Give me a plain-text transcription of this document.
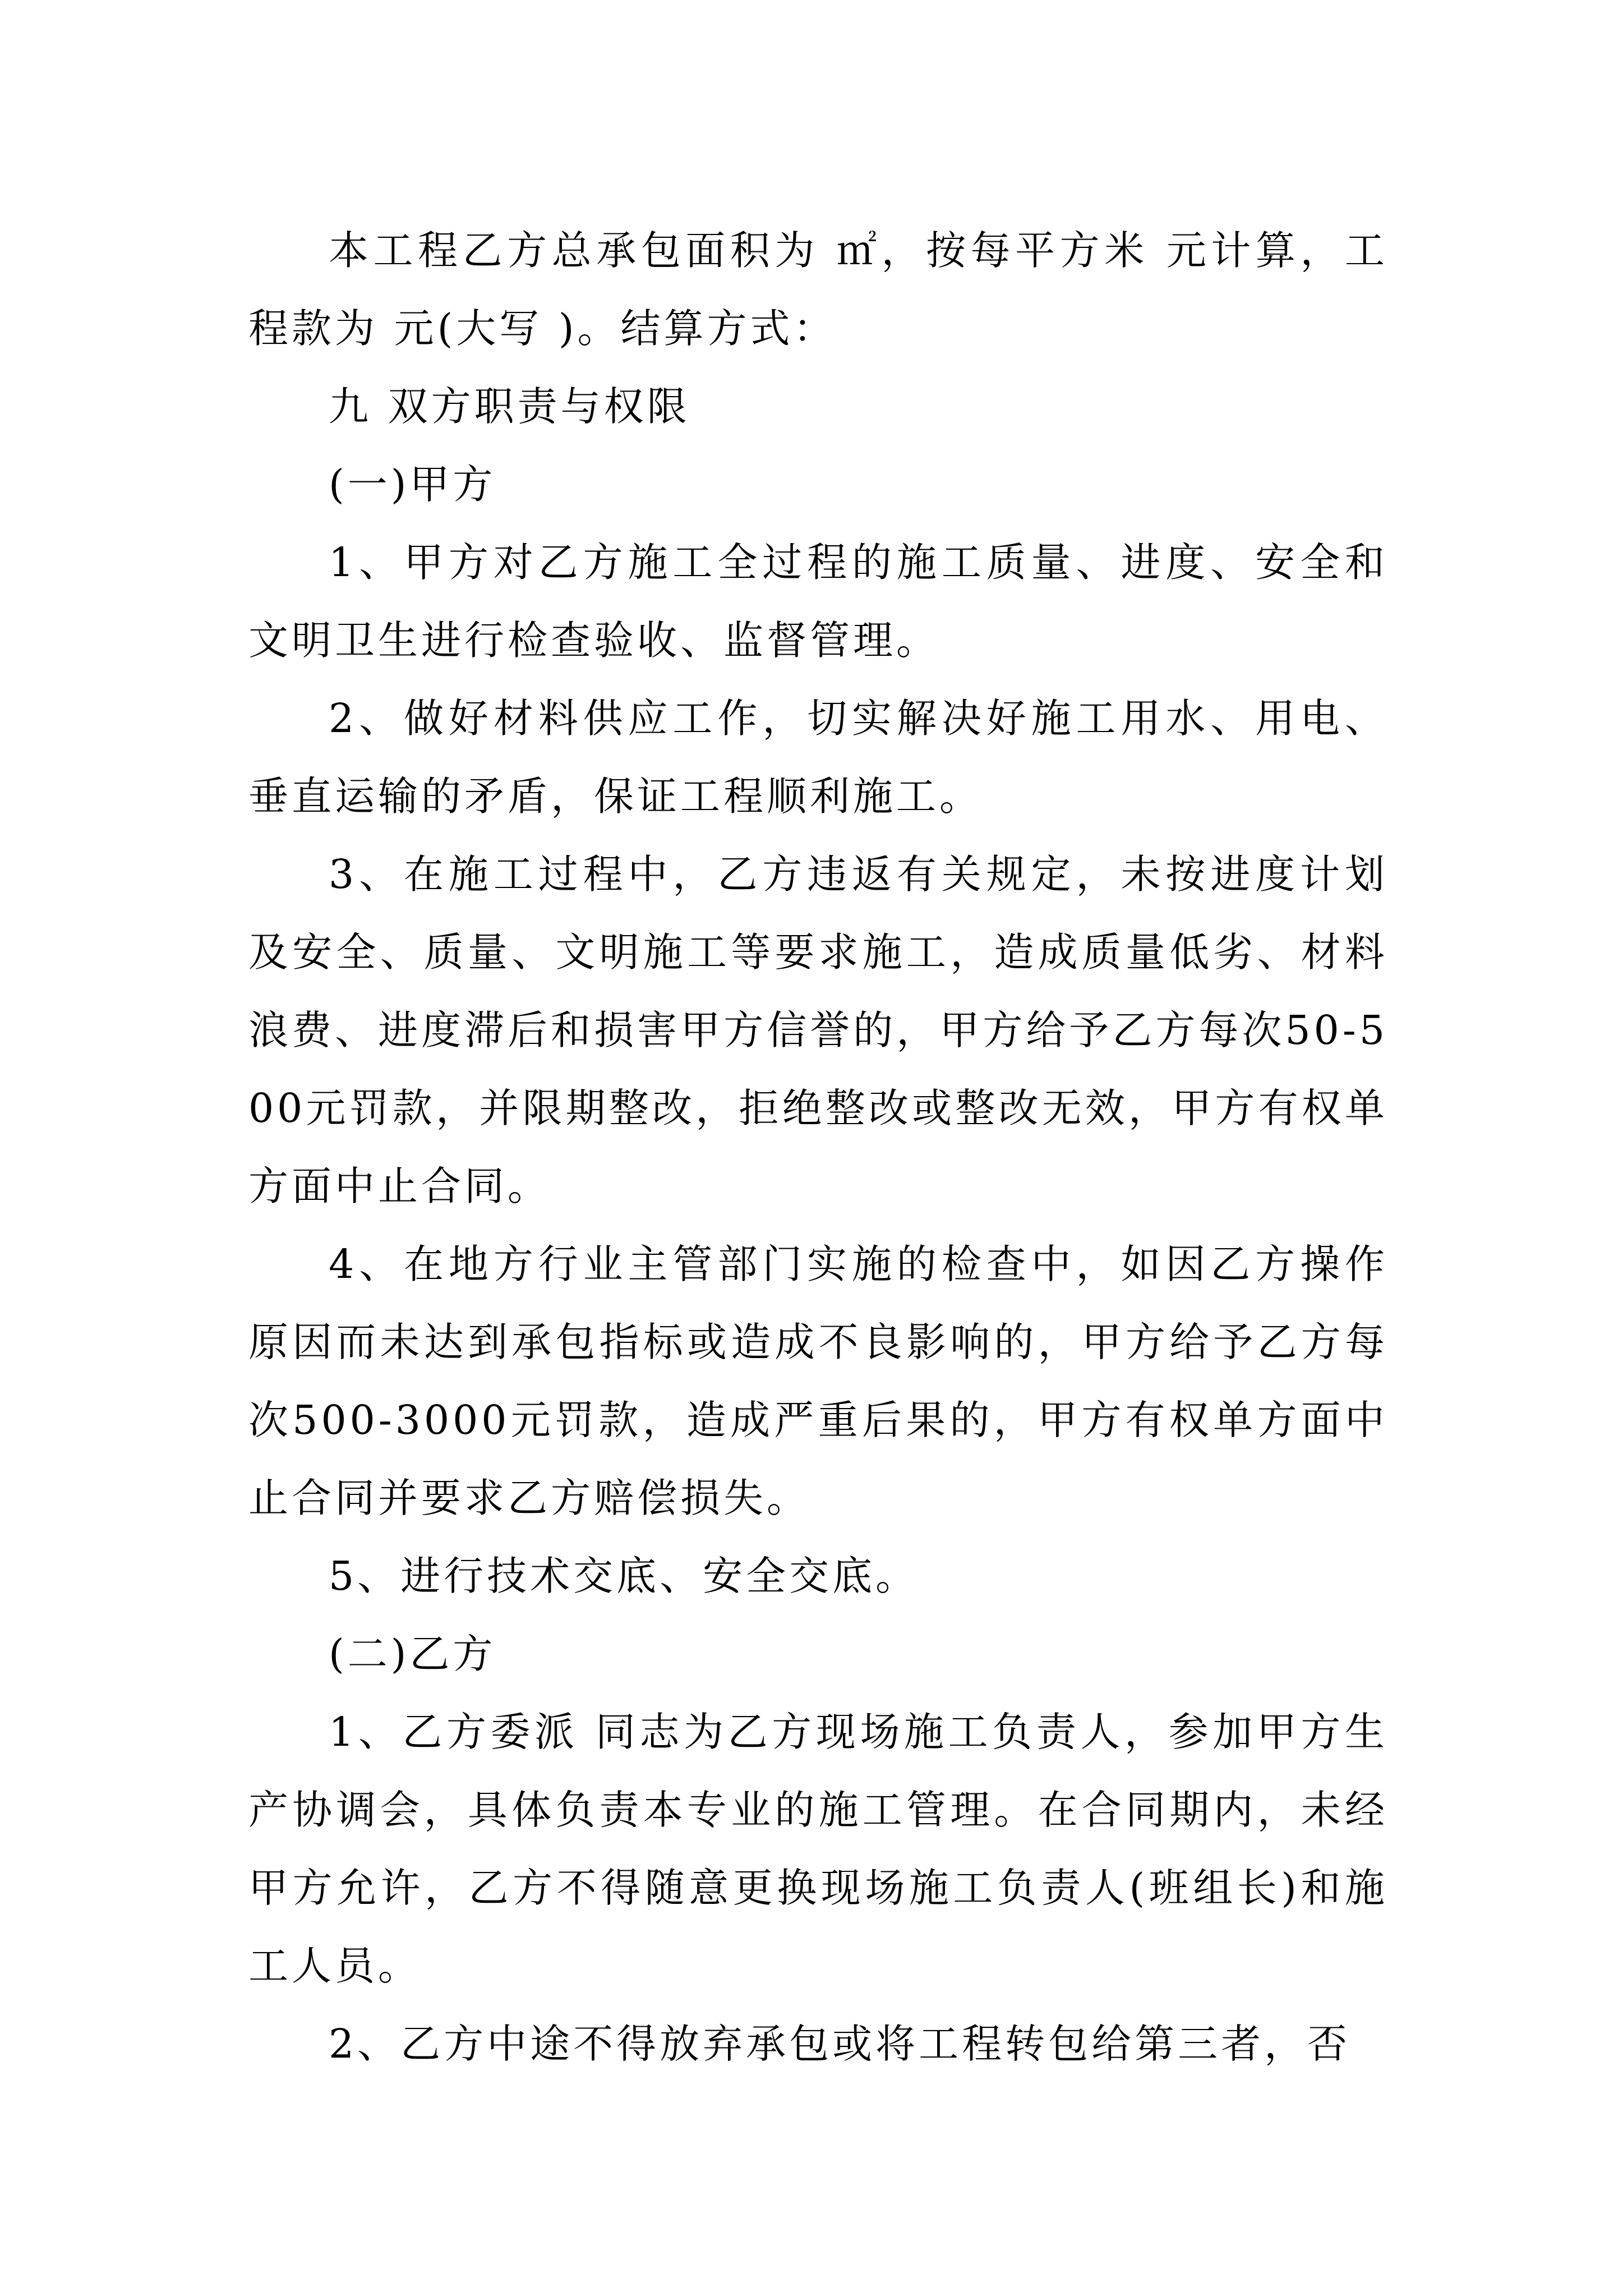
本工程乙方总承包面积为 ㎡，按每平方米 元计算，工程款为 元(大写 )。结算方式：

九 双方职责与权限

(一)甲方

1、甲方对乙方施工全过程的施工质量、进度、安全和文明卫生进行检查验收、监督管理。

2、做好材料供应工作，切实解决好施工用水、用电、垂直运输的矛盾，保证工程顺利施工。

3、在施工过程中，乙方违返有关规定，未按进度计划及安全、质量、文明施工等要求施工，造成质量低劣、材料浪费、进度滞后和损害甲方信誉的，甲方给予乙方每次50-500元罚款，并限期整改，拒绝整改或整改无效，甲方有权单方面中止合同。

4、在地方行业主管部门实施的检查中，如因乙方操作原因而未达到承包指标或造成不良影响的，甲方给予乙方每次500-3000元罚款，造成严重后果的，甲方有权单方面中止合同并要求乙方赔偿损失。

5、进行技术交底、安全交底。

(二)乙方

1、乙方委派 同志为乙方现场施工负责人，参加甲方生产协调会，具体负责本专业的施工管理。在合同期内，未经甲方允许，乙方不得随意更换现场施工负责人(班组长)和施工人员。

2、乙方中途不得放弃承包或将工程转包给第三者，否
